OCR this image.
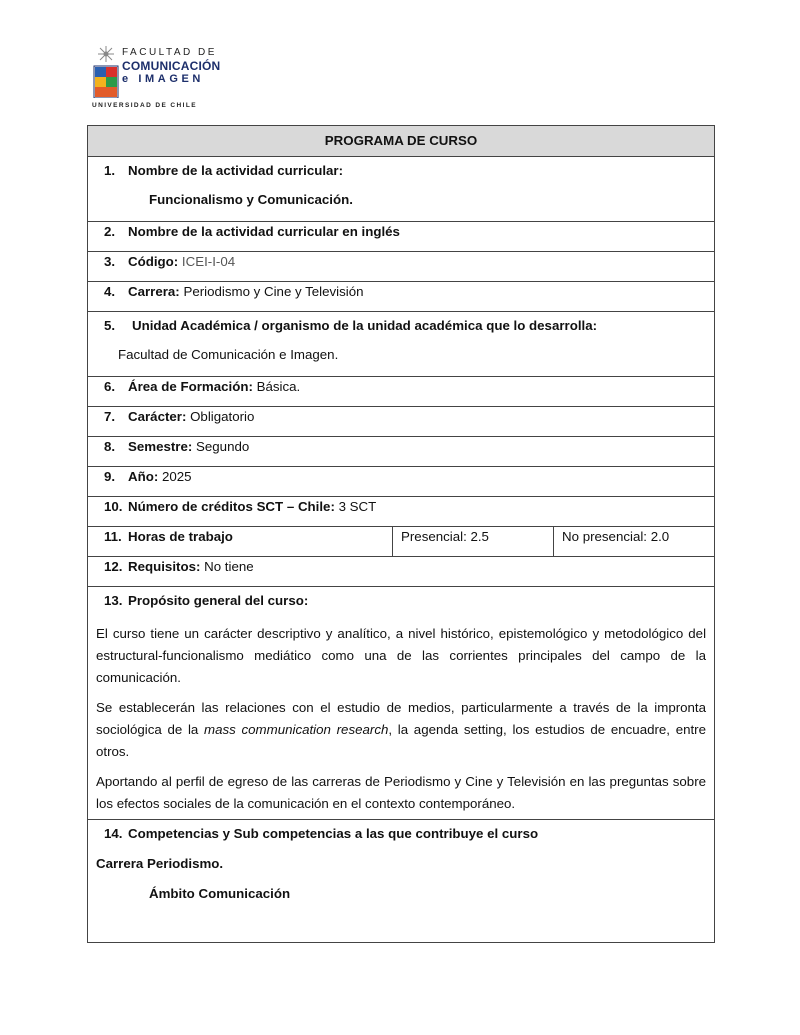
FACULTAD DE
COMUNICACIÓN
e IMAGEN
UNIVERSIDAD DE CHILE
PROGRAMA DE CURSO

1. Nombre de la actividad curricular:
Funcionalismo y Comunicación.

2. Nombre de la actividad curricular en inglés
3. Código: ICEI-I-04
4. Carrera: Periodismo y Cine y Televisión

5. Unidad Académica / organismo de la unidad académica que lo desarrolla:
Facultad de Comunicación e Imagen.

6. Área de Formación: Básica.
7. Carácter: Obligatorio
8. Semestre: Segundo
9. Año: 2025
10. Número de créditos SCT – Chile: 3 SCT
11. Horas de trabajo	Presencial: 2.5	No presencial: 2.0
12. Requisitos: No tiene

13. Propósito general del curso:

El curso tiene un carácter descriptivo y analítico, a nivel histórico, epistemológico y metodológico del estructural-funcionalismo mediático como una de las corrientes principales del campo de la comunicación.

Se establecerán las relaciones con el estudio de medios, particularmente a través de la impronta sociológica de la mass communication research, la agenda setting, los estudios de encuadre, entre otros.

Aportando al perfil de egreso de las carreras de Periodismo y Cine y Televisión en las preguntas sobre los efectos sociales de la comunicación en el contexto contemporáneo.

14. Competencias y Sub competencias a las que contribuye el curso
Carrera Periodismo.
Ámbito Comunicación
